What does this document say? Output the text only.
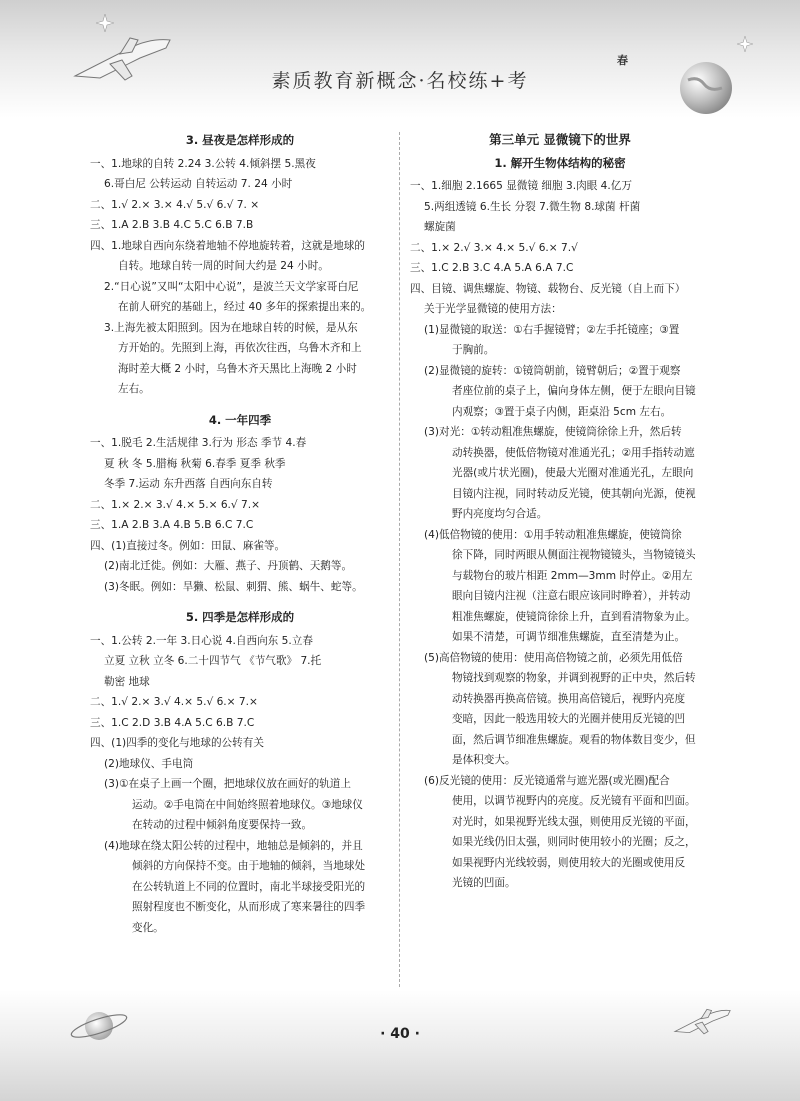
素质教育新概念·名校练+考
春
3. 昼夜是怎样形成的
一、1.地球的自转 2.24 3.公转 4.倾斜摆 5.黑夜
6.哥白尼 公转运动 自转运动 7. 24 小时
二、1.√ 2.× 3.× 4.√ 5.√ 6.√ 7. ×
三、1.A 2.B 3.B 4.C 5.C 6.B 7.B
四、1.地球自西向东绕着地轴不停地旋转着，这就是地球的
自转。地球自转一周的时间大约是 24 小时。
2.“日心说”又叫“太阳中心说”，是波兰天文学家哥白尼
在前人研究的基础上，经过 40 多年的探索提出来的。
3.上海先被太阳照到。因为在地球自转的时候，是从东
方开始的。先照到上海，再依次往西，乌鲁木齐和上
海时差大概 2 小时，乌鲁木齐天黑比上海晚 2 小时
左右。
4. 一年四季
一、1.脱毛 2.生活规律 3.行为 形态 季节 4.春
夏 秋 冬 5.腊梅 秋菊 6.春季 夏季 秋季
冬季 7.运动 东升西落 自西向东自转
二、1.× 2.× 3.√ 4.× 5.× 6.√ 7.×
三、1.A 2.B 3.A 4.B 5.B 6.C 7.C
四、(1)直接过冬。例如：田鼠、麻雀等。
(2)南北迁徙。例如：大雁、燕子、丹顶鹤、天鹅等。
(3)冬眠。例如：旱獭、松鼠、刺猬、熊、蜗牛、蛇等。
5. 四季是怎样形成的
一、1.公转 2.一年 3.日心说 4.自西向东 5.立春
立夏 立秋 立冬 6.二十四节气 《节气歌》 7.托
勒密 地球
二、1.√ 2.× 3.√ 4.× 5.√ 6.× 7.×
三、1.C 2.D 3.B 4.A 5.C 6.B 7.C
四、(1)四季的变化与地球的公转有关
(2)地球仪、手电筒
(3)①在桌子上画一个圈，把地球仪放在画好的轨道上
运动。②手电筒在中间始终照着地球仪。③地球仪
在转动的过程中倾斜角度要保持一致。
(4)地球在绕太阳公转的过程中，地轴总是倾斜的，并且
倾斜的方向保持不变。由于地轴的倾斜，当地球处
在公转轨道上不同的位置时，南北半球接受阳光的
照射程度也不断变化，从而形成了寒来暑往的四季
变化。
第三单元 显微镜下的世界
1. 解开生物体结构的秘密
一、1.细胞 2.1665 显微镜 细胞 3.肉眼 4.亿万
5.两组透镜 6.生长 分裂 7.微生物 8.球菌 杆菌
螺旋菌
二、1.× 2.√ 3.× 4.× 5.√ 6.× 7.√
三、1.C 2.B 3.C 4.A 5.A 6.A 7.C
四、目镜、调焦螺旋、物镜、载物台、反光镜（自上而下）
关于光学显微镜的使用方法：
(1)显微镜的取送：①右手握镜臂；②左手托镜座；③置
于胸前。
(2)显微镜的旋转：①镜筒朝前，镜臂朝后；②置于观察
者座位前的桌子上，偏向身体左侧，便于左眼向目镜
内观察；③置于桌子内侧，距桌沿 5cm 左右。
(3)对光：①转动粗准焦螺旋，使镜筒徐徐上升，然后转
动转换器，使低倍物镜对准通光孔；②用手指转动遮
光器(或片状光圈)，使最大光圈对准通光孔，左眼向
目镜内注视，同时转动反光镜，使其朝向光源，使视
野内亮度均匀合适。
(4)低倍物镜的使用：①用手转动粗准焦螺旋，使镜筒徐
徐下降，同时两眼从侧面注视物镜镜头，当物镜镜头
与载物台的玻片相距 2mm—3mm 时停止。②用左
眼向目镜内注视（注意右眼应该同时睁着），并转动
粗准焦螺旋，使镜筒徐徐上升，直到看清物象为止。
如果不清楚，可调节细准焦螺旋，直至清楚为止。
(5)高倍物镜的使用：使用高倍物镜之前，必须先用低倍
物镜找到观察的物象，并调到视野的正中央，然后转
动转换器再换高倍镜。换用高倍镜后，视野内亮度
变暗，因此一般选用较大的光圈并使用反光镜的凹
面，然后调节细准焦螺旋。观看的物体数目变少，但
是体积变大。
(6)反光镜的使用：反光镜通常与遮光器(或光圈)配合
使用，以调节视野内的亮度。反光镜有平面和凹面。
对光时，如果视野光线太强，则使用反光镜的平面，
如果光线仍旧太强，则同时使用较小的光圈；反之，
如果视野内光线较弱，则使用较大的光圈或使用反
光镜的凹面。
· 40 ·
